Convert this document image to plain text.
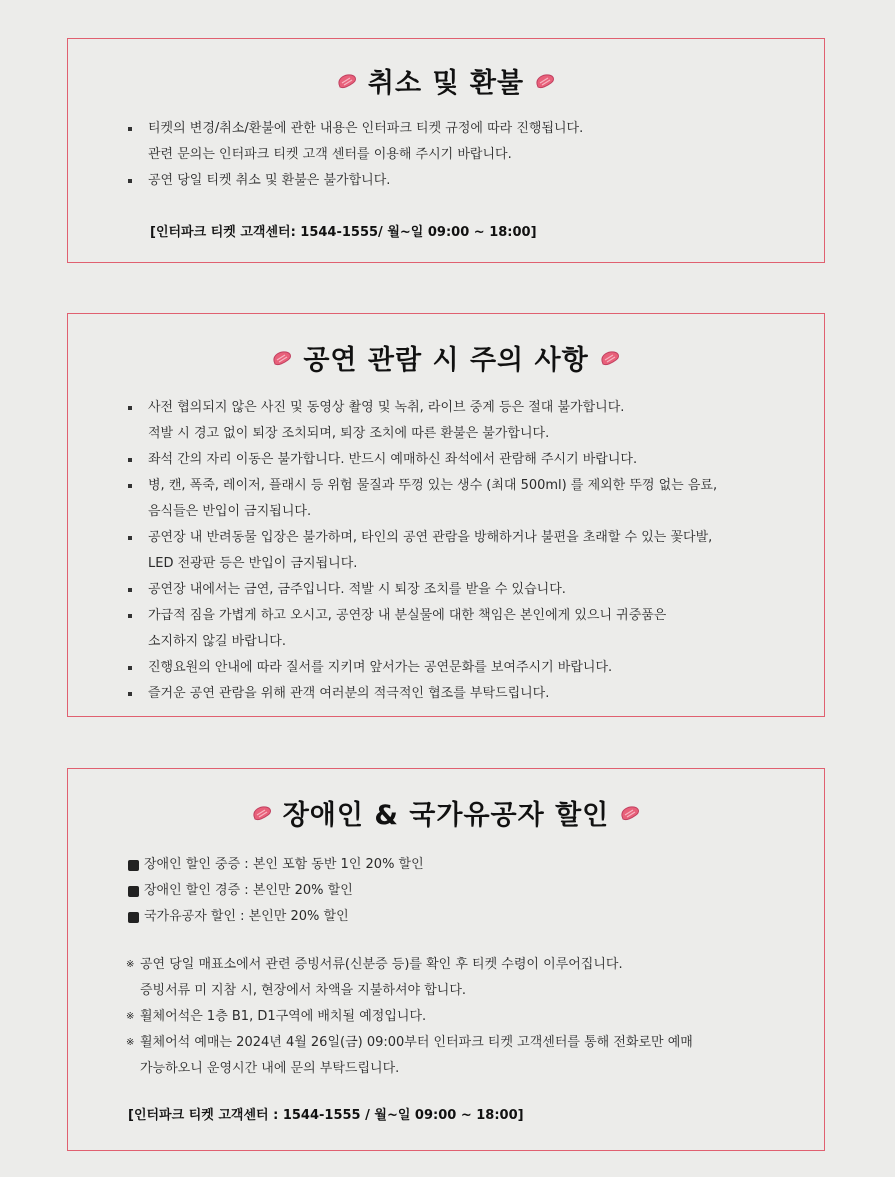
취소 및 환불
티켓의 변경/취소/환불에 관한 내용은 인터파크 티켓 규정에 따라 진행됩니다.
관련 문의는 인터파크 티켓 고객 센터를 이용해 주시기 바랍니다.
공연 당일 티켓 취소 및 환불은 불가합니다.
[인터파크 티켓 고객센터: 1544-1555/ 월~일 09:00 ~ 18:00]
공연 관람 시 주의 사항
사전 협의되지 않은 사진 및 동영상 촬영 및 녹취, 라이브 중계 등은 절대 불가합니다.
적발 시 경고 없이 퇴장 조치되며, 퇴장 조치에 따른 환불은 불가합니다.
좌석 간의 자리 이동은 불가합니다. 반드시 예매하신 좌석에서 관람해 주시기 바랍니다.
병, 캔, 폭죽, 레이저, 플래시 등 위험 물질과 뚜껑 있는 생수 (최대 500ml) 를 제외한 뚜껑 없는 음료,
음식들은 반입이 금지됩니다.
공연장 내 반려동물 입장은 불가하며, 타인의 공연 관람을 방해하거나 불편을 초래할 수 있는 꽃다발,
LED 전광판 등은 반입이 금지됩니다.
공연장 내에서는 금연, 금주입니다. 적발 시 퇴장 조치를 받을 수 있습니다.
가급적 짐을 가볍게 하고 오시고, 공연장 내 분실물에 대한 책임은 본인에게 있으니 귀중품은
소지하지 않길 바랍니다.
진행요원의 안내에 따라 질서를 지키며 앞서가는 공연문화를 보여주시기 바랍니다.
즐거운 공연 관람을 위해 관객 여러분의 적극적인 협조를 부탁드립니다.
장애인 & 국가유공자 할인
장애인 할인 중증 : 본인 포함 동반 1인 20% 할인
장애인 할인 경증 : 본인만 20% 할인
국가유공자 할인 : 본인만 20% 할인
※ 공연 당일 매표소에서 관련 증빙서류(신분증 등)를 확인 후 티켓 수령이 이루어집니다.
증빙서류 미 지참 시, 현장에서 차액을 지불하셔야 합니다.
※ 휠체어석은 1층 B1, D1구역에 배치될 예정입니다.
※ 휠체어석 예매는 2024년 4월 26일(금) 09:00부터 인터파크 티켓 고객센터를 통해 전화로만 예매
가능하오니 운영시간 내에 문의 부탁드립니다.
[인터파크 티켓 고객센터 : 1544-1555 / 월~일 09:00 ~ 18:00]
